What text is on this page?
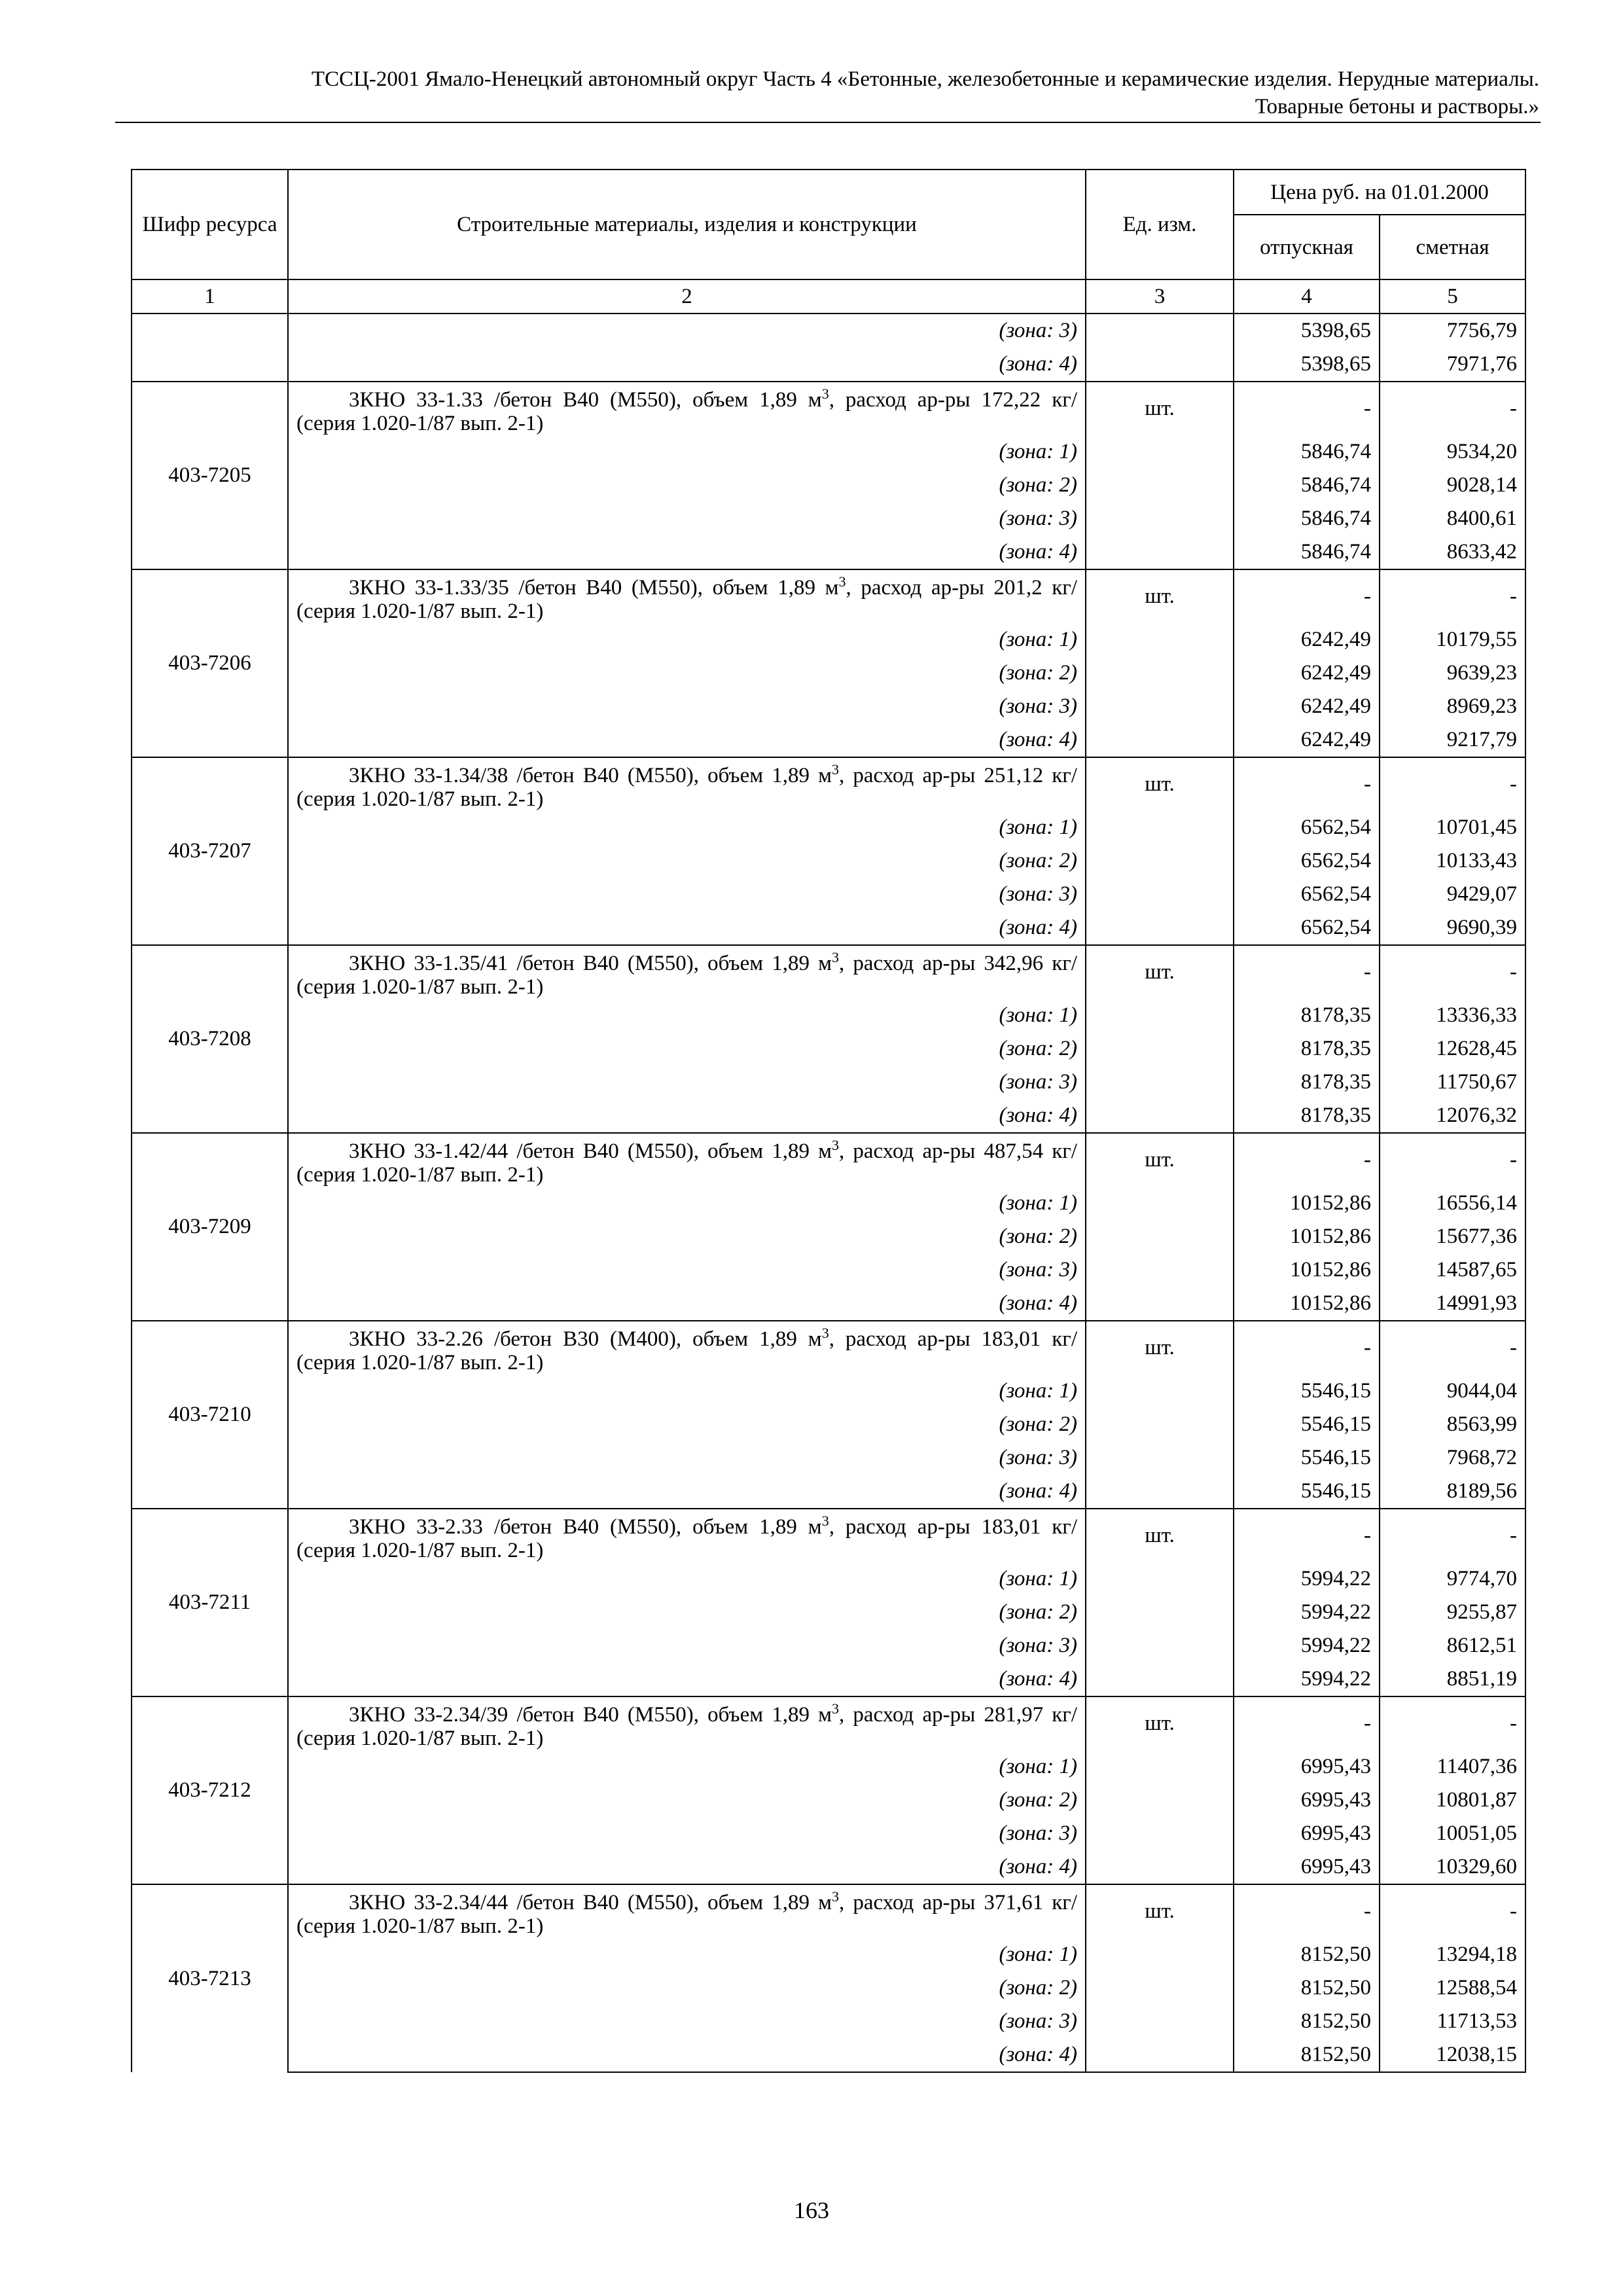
ТССЦ-2001 Ямало-Ненецкий автономный округ Часть 4 «Бетонные, железобетонные и керамические изделия. Нерудные материалы.
Товарные бетоны и растворы.»
Шифр ресурса	Строительные материалы, изделия и конструкции	Ед. изм.	Цена руб. на 01.01.2000	
			отпускная	сметная
1	2	3	4	5
	(зона: 3)		5398,65	7756,79
	(зона: 4)		5398,65	7971,76
403-7205	3КНО 33-1.33 /бетон В40 (М550), объем 1,89 $м^3$, расход ар-ры 172,22 кг/ (серия 1.020-1/87 вып. 2-1)	шт.	-	-
	(зона: 1)		5846,74	9534,20
	(зона: 2)		5846,74	9028,14
	(зона: 3)		5846,74	8400,61
	(зона: 4)		5846,74	8633,42
403-7206	3КНО 33-1.33/35 /бетон В40 (М550), объем 1,89 $м^3$, расход ар-ры 201,2 кг/ (серия 1.020-1/87 вып. 2-1)	шт.	-	-
	(зона: 1)		6242,49	10179,55
	(зона: 2)		6242,49	9639,23
	(зона: 3)		6242,49	8969,23
	(зона: 4)		6242,49	9217,79
403-7207	3КНО 33-1.34/38 /бетон В40 (М550), объем 1,89 $м^3$, расход ар-ры 251,12 кг/ (серия 1.020-1/87 вып. 2-1)	шт.	-	-
	(зона: 1)		6562,54	10701,45
	(зона: 2)		6562,54	10133,43
	(зона: 3)		6562,54	9429,07
	(зона: 4)		6562,54	9690,39
403-7208	3КНО 33-1.35/41 /бетон В40 (М550), объем 1,89 $м^3$, расход ар-ры 342,96 кг/ (серия 1.020-1/87 вып. 2-1)	шт.	-	-
	(зона: 1)		8178,35	13336,33
	(зона: 2)		8178,35	12628,45
	(зона: 3)		8178,35	11750,67
	(зона: 4)		8178,35	12076,32
403-7209	3КНО 33-1.42/44 /бетон В40 (М550), объем 1,89 $м^3$, расход ар-ры 487,54 кг/ (серия 1.020-1/87 вып. 2-1)	шт.	-	-
	(зона: 1)		10152,86	16556,14
	(зона: 2)		10152,86	15677,36
	(зона: 3)		10152,86	14587,65
	(зона: 4)		10152,86	14991,93
403-7210	3КНО 33-2.26 /бетон В30 (М400), объем 1,89 $м^3$, расход ар-ры 183,01 кг/ (серия 1.020-1/87 вып. 2-1)	шт.	-	-
	(зона: 1)		5546,15	9044,04
	(зона: 2)		5546,15	8563,99
	(зона: 3)		5546,15	7968,72
	(зона: 4)		5546,15	8189,56
403-7211	3КНО 33-2.33 /бетон В40 (М550), объем 1,89 $м^3$, расход ар-ры 183,01 кг/ (серия 1.020-1/87 вып. 2-1)	шт.	-	-
	(зона: 1)		5994,22	9774,70
	(зона: 2)		5994,22	9255,87
	(зона: 3)		5994,22	8612,51
	(зона: 4)		5994,22	8851,19
403-7212	3КНО 33-2.34/39 /бетон В40 (М550), объем 1,89 $м^3$, расход ар-ры 281,97 кг/ (серия 1.020-1/87 вып. 2-1)	шт.	-	-
	(зона: 1)		6995,43	11407,36
	(зона: 2)		6995,43	10801,87
	(зона: 3)		6995,43	10051,05
	(зона: 4)		6995,43	10329,60
403-7213	3КНО 33-2.34/44 /бетон В40 (М550), объем 1,89 $м^3$, расход ар-ры 371,61 кг/ (серия 1.020-1/87 вып. 2-1)	шт.	-	-
	(зона: 1)		8152,50	13294,18
	(зона: 2)		8152,50	12588,54
	(зона: 3)		8152,50	11713,53
	(зона: 4)		8152,50	12038,15
163
